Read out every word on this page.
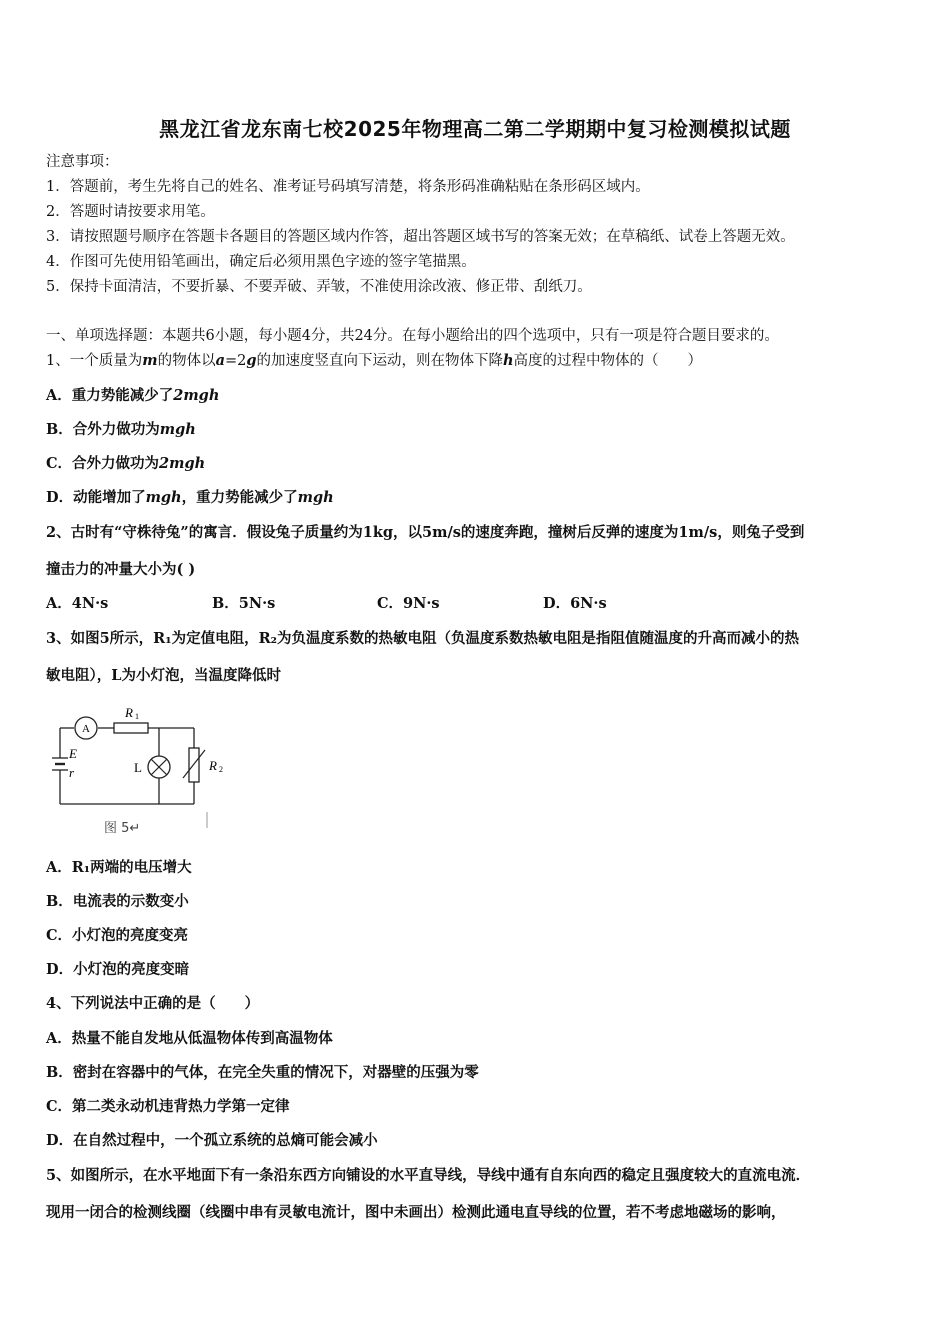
黑龙江省龙东南七校2025年物理高二第二学期期中复习检测模拟试题
注意事项：
1．答题前，考生先将自己的姓名、准考证号码填写清楚，将条形码准确粘贴在条形码区域内。
2．答题时请按要求用笔。
3．请按照题号顺序在答题卡各题目的答题区域内作答，超出答题区域书写的答案无效；在草稿纸、试卷上答题无效。
4．作图可先使用铅笔画出，确定后必须用黑色字迹的签字笔描黑。
5．保持卡面清洁，不要折暴、不要弄破、弄皱，不准使用涂改液、修正带、刮纸刀。
一、单项选择题：本题共6小题，每小题4分，共24分。在每小题给出的四个选项中，只有一项是符合题目要求的。
1、一个质量为m的物体以a=2g的加速度竖直向下运动，则在物体下降h高度的过程中物体的（　　）
A．重力势能减少了2mgh
B．合外力做功为mgh
C．合外力做功为2mgh
D．动能增加了mgh，重力势能减少了mgh
2、古时有“守株待兔”的寓言．假设兔子质量约为1kg，以5m/s的速度奔跑，撞树后反弹的速度为1m/s，则兔子受到
撞击力的冲量大小为( )
A．4N·s	B．5N·s	C．9N·s	D．6N·s
3、如图5所示，R₁为定值电阻，R₂为负温度系数的热敏电阻（负温度系数热敏电阻是指阻值随温度的升高而减小的热
敏电阻），L为小灯泡，当温度降低时
A
R 1
E
r	L	R 2
图 5↵
A．R₁两端的电压增大
B．电流表的示数变小
C．小灯泡的亮度变亮
D．小灯泡的亮度变暗
4、下列说法中正确的是（　　）
A．热量不能自发地从低温物体传到高温物体
B．密封在容器中的气体，在完全失重的情况下，对器壁的压强为零
C．第二类永动机违背热力学第一定律
D．在自然过程中，一个孤立系统的总熵可能会减小
5、如图所示，在水平地面下有一条沿东西方向铺设的水平直导线，导线中通有自东向西的稳定且强度较大的直流电流．
现用一闭合的检测线圈（线圈中串有灵敏电流计，图中未画出）检测此通电直导线的位置，若不考虑地磁场的影响，
